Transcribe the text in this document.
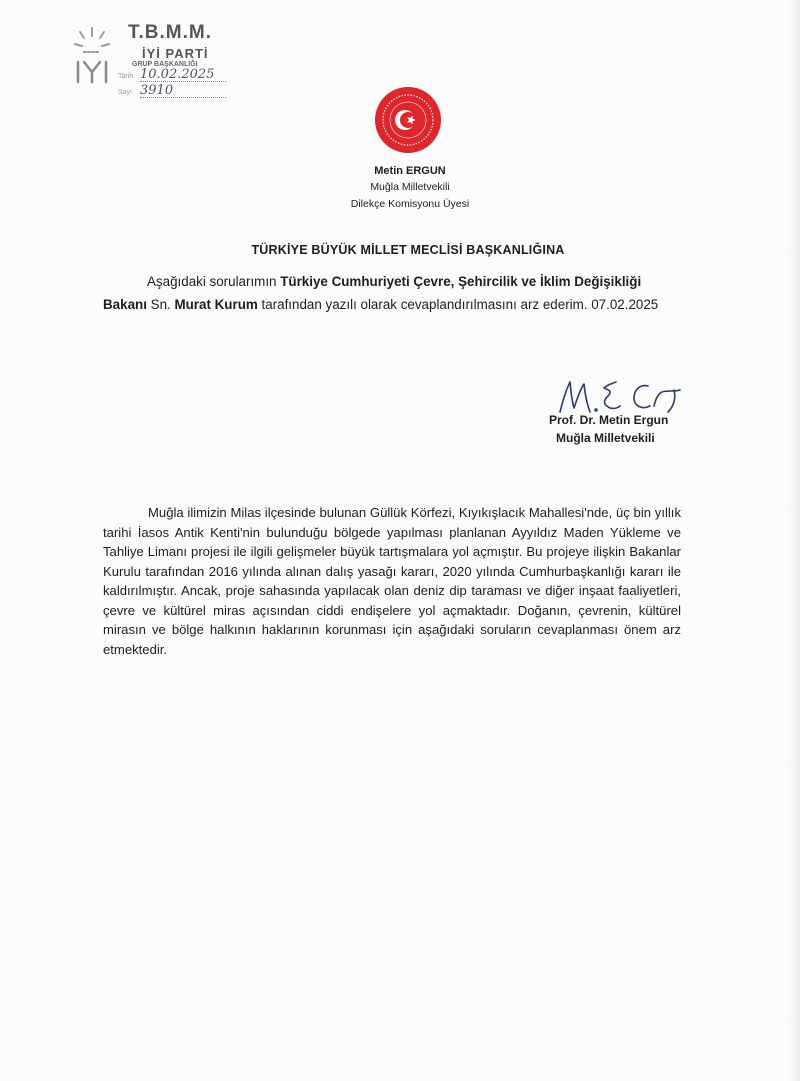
T.B.M.M.
İYİ PARTİ
GRUP BAŞKANLIĞI
Tarih 10.02.2025
Sayı 3910
Metin ERGUN
Muğla Milletvekili
Dilekçe Komisyonu Üyesi
TÜRKİYE BÜYÜK MİLLET MECLİSİ BAŞKANLIĞINA
Aşağıdaki sorularımın Türkiye Cumhuriyeti Çevre, Şehircilik ve İklim Değişikliği Bakanı Sn. Murat Kurum tarafından yazılı olarak cevaplandırılmasını arz ederim. 07.02.2025
Prof. Dr. Metin Ergun
Muğla Milletvekili
Muğla ilimizin Milas ilçesinde bulunan Güllük Körfezi, Kıyıkışlacık Mahallesi'nde, üç bin yıllık tarihi İasos Antik Kenti'nin bulunduğu bölgede yapılması planlanan Ayyıldız Maden Yükleme ve Tahliye Limanı projesi ile ilgili gelişmeler büyük tartışmalara yol açmıştır. Bu projeye ilişkin Bakanlar Kurulu tarafından 2016 yılında alınan dalış yasağı kararı, 2020 yılında Cumhurbaşkanlığı kararı ile kaldırılmıştır. Ancak, proje sahasında yapılacak olan deniz dip taraması ve diğer inşaat faaliyetleri, çevre ve kültürel miras açısından ciddi endişelere yol açmaktadır. Doğanın, çevrenin, kültürel mirasın ve bölge halkının haklarının korunması için aşağıdaki soruların cevaplanması önem arz etmektedir.
